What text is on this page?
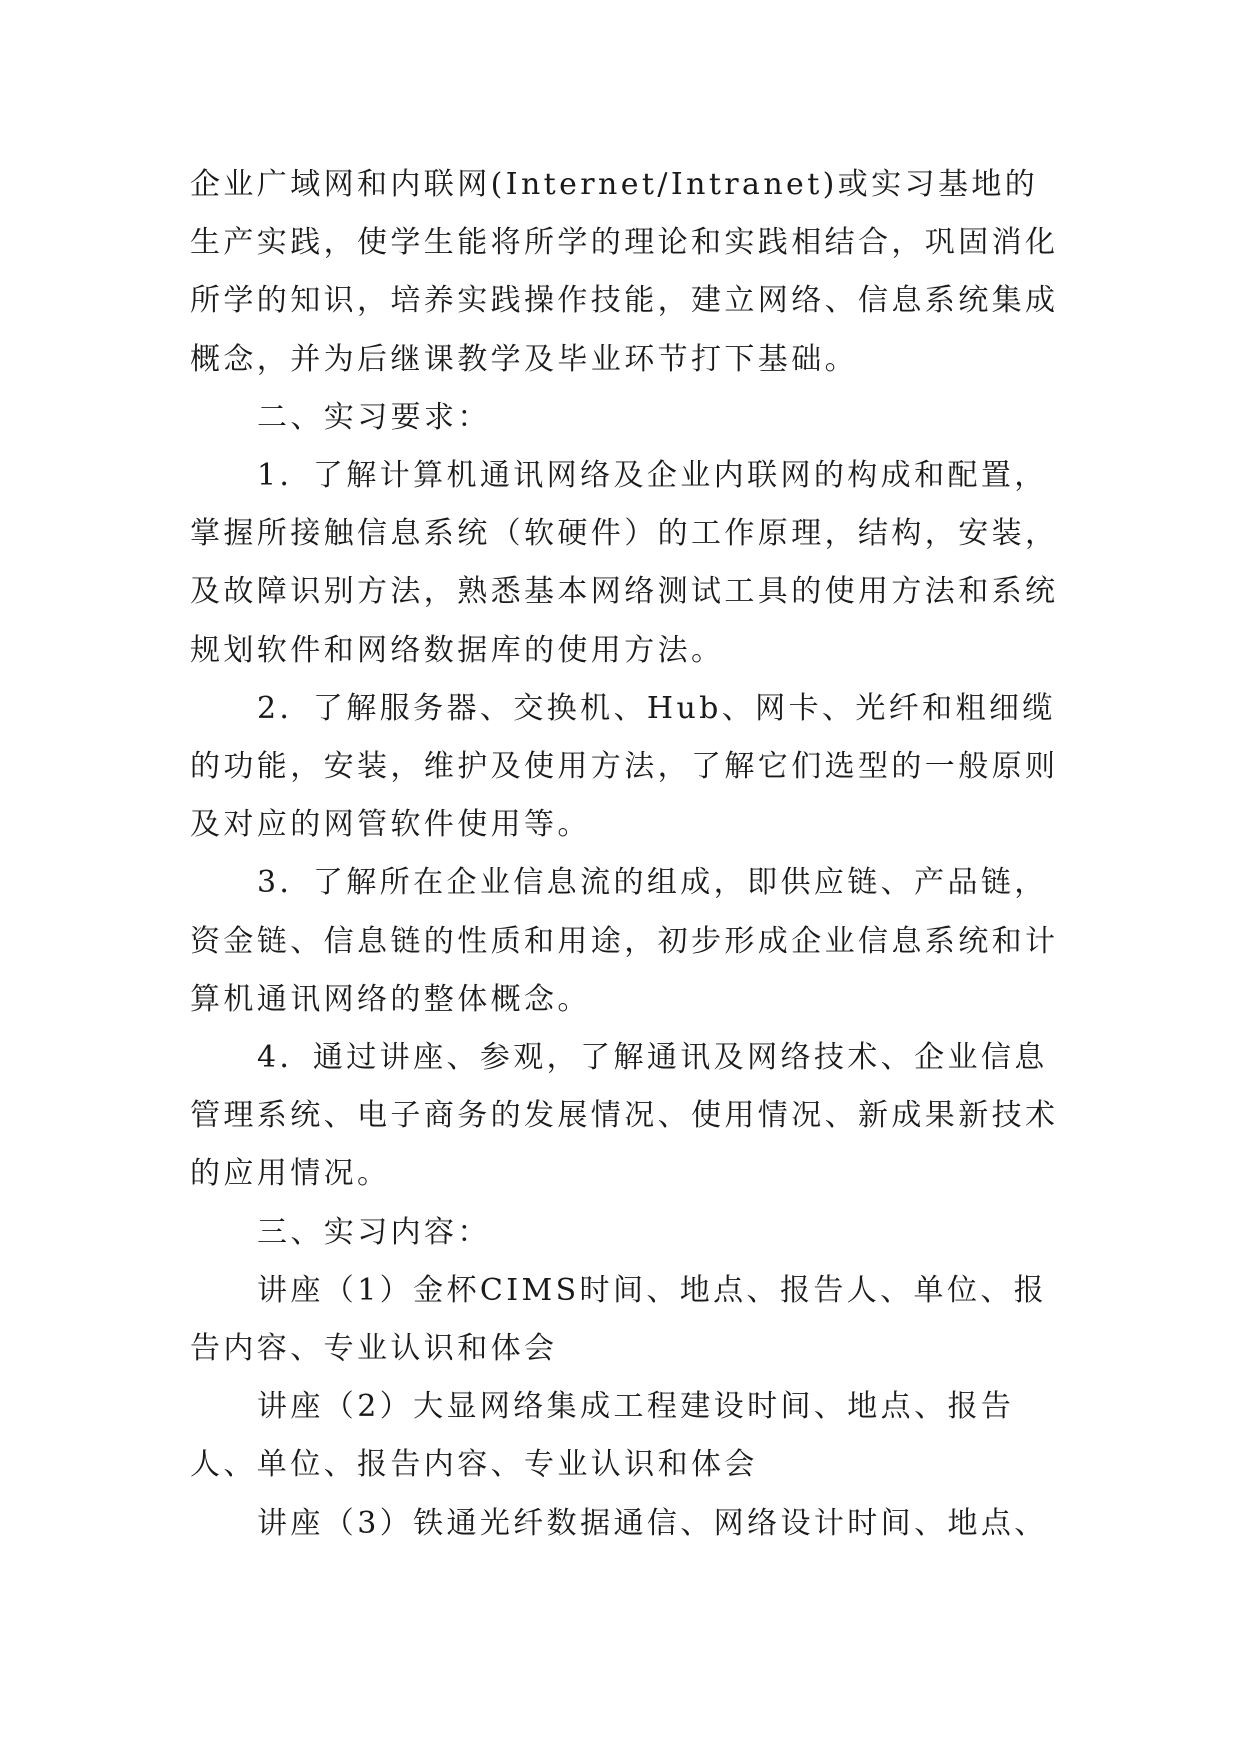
企业广域网和内联网(Internet/Intranet)或实习基地的生产实践，使学生能将所学的理论和实践相结合，巩固消化所学的知识，培养实践操作技能，建立网络、信息系统集成概念，并为后继课教学及毕业环节打下基础。

二、实习要求：

1．了解计算机通讯网络及企业内联网的构成和配置，掌握所接触信息系统（软硬件）的工作原理，结构，安装，及故障识别方法，熟悉基本网络测试工具的使用方法和系统规划软件和网络数据库的使用方法。

2．了解服务器、交换机、Hub、网卡、光纤和粗细缆的功能，安装，维护及使用方法，了解它们选型的一般原则及对应的网管软件使用等。

3．了解所在企业信息流的组成，即供应链、产品链，资金链、信息链的性质和用途，初步形成企业信息系统和计算机通讯网络的整体概念。

4．通过讲座、参观，了解通讯及网络技术、企业信息管理系统、电子商务的发展情况、使用情况、新成果新技术的应用情况。

三、实习内容：

讲座（1）金杯CIMS时间、地点、报告人、单位、报告内容、专业认识和体会

讲座（2）大显网络集成工程建设时间、地点、报告人、单位、报告内容、专业认识和体会

讲座（3）铁通光纤数据通信、网络设计时间、地点、
